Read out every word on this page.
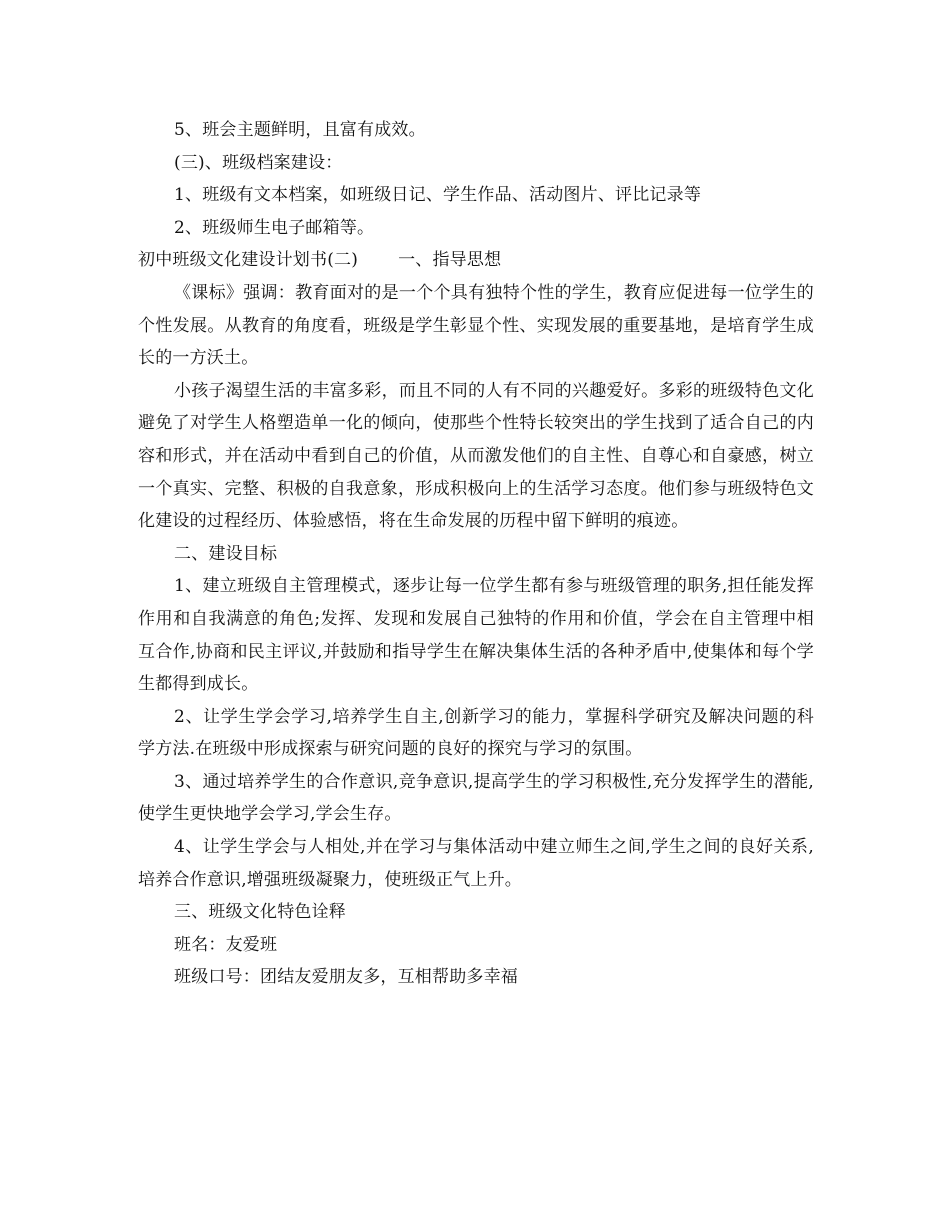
5、班会主题鲜明，且富有成效。

(三)、班级档案建设：

1、班级有文本档案，如班级日记、学生作品、活动图片、评比记录等

2、班级师生电子邮箱等。

初中班级文化建设计划书(二)　　 一、指导思想

《课标》强调：教育面对的是一个个具有独特个性的学生，教育应促进每一位学生的个性发展。从教育的角度看，班级是学生彰显个性、实现发展的重要基地，是培育学生成长的一方沃土。

小孩子渴望生活的丰富多彩，而且不同的人有不同的兴趣爱好。多彩的班级特色文化避免了对学生人格塑造单一化的倾向，使那些个性特长较突出的学生找到了适合自己的内容和形式，并在活动中看到自己的价值，从而激发他们的自主性、自尊心和自豪感，树立一个真实、完整、积极的自我意象，形成积极向上的生活学习态度。他们参与班级特色文化建设的过程经历、体验感悟，将在生命发展的历程中留下鲜明的痕迹。

二、建设目标

1、建立班级自主管理模式，逐步让每一位学生都有参与班级管理的职务,担任能发挥作用和自我满意的角色;发挥、发现和发展自己独特的作用和价值，学会在自主管理中相互合作,协商和民主评议,并鼓励和指导学生在解决集体生活的各种矛盾中,使集体和每个学生都得到成长。

2、让学生学会学习,培养学生自主,创新学习的能力，掌握科学研究及解决问题的科学方法.在班级中形成探索与研究问题的良好的探究与学习的氛围。

3、通过培养学生的合作意识,竞争意识,提高学生的学习积极性,充分发挥学生的潜能,使学生更快地学会学习,学会生存。

4、让学生学会与人相处,并在学习与集体活动中建立师生之间,学生之间的良好关系,培养合作意识,增强班级凝聚力，使班级正气上升。

三、班级文化特色诠释

班名：友爱班

班级口号：团结友爱朋友多，互相帮助多幸福
